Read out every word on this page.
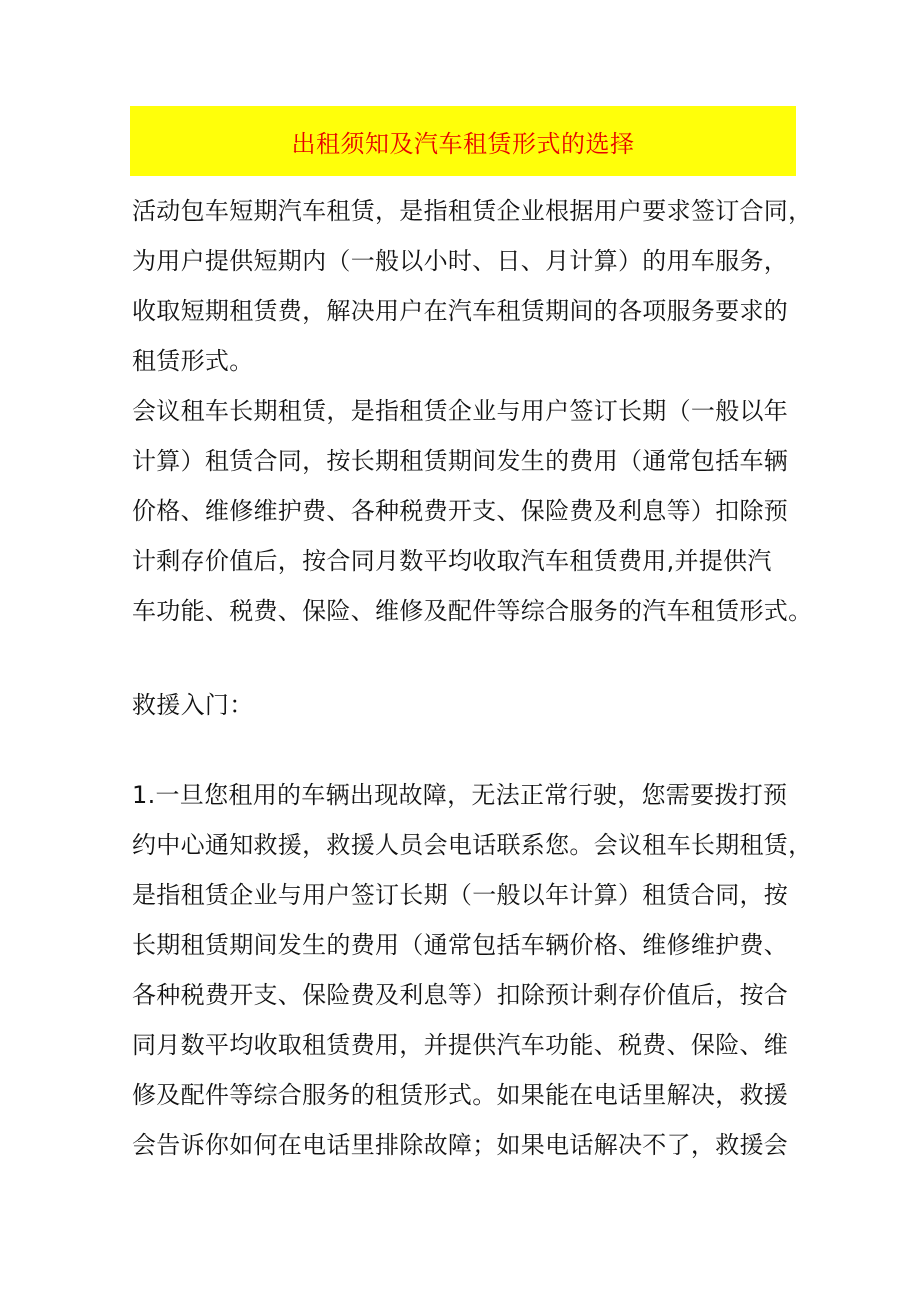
出租须知及汽车租赁形式的选择
活动包车短期汽车租赁，是指租赁企业根据用户要求签订合同，
为用户提供短期内（一般以小时、日、月计算）的用车服务，
收取短期租赁费，解决用户在汽车租赁期间的各项服务要求的
租赁形式。
会议租车长期租赁，是指租赁企业与用户签订长期（一般以年
计算）租赁合同，按长期租赁期间发生的费用（通常包括车辆
价格、维修维护费、各种税费开支、保险费及利息等）扣除预
计剩存价值后，按合同月数平均收取汽车租赁费用,并提供汽
车功能、税费、保险、维修及配件等综合服务的汽车租赁形式。
救援入门：
1.一旦您租用的车辆出现故障，无法正常行驶，您需要拨打预
约中心通知救援，救援人员会电话联系您。会议租车长期租赁，
是指租赁企业与用户签订长期（一般以年计算）租赁合同，按
长期租赁期间发生的费用（通常包括车辆价格、维修维护费、
各种税费开支、保险费及利息等）扣除预计剩存价值后，按合
同月数平均收取租赁费用，并提供汽车功能、税费、保险、维
修及配件等综合服务的租赁形式。如果能在电话里解决，救援
会告诉你如何在电话里排除故障；如果电话解决不了，救援会
